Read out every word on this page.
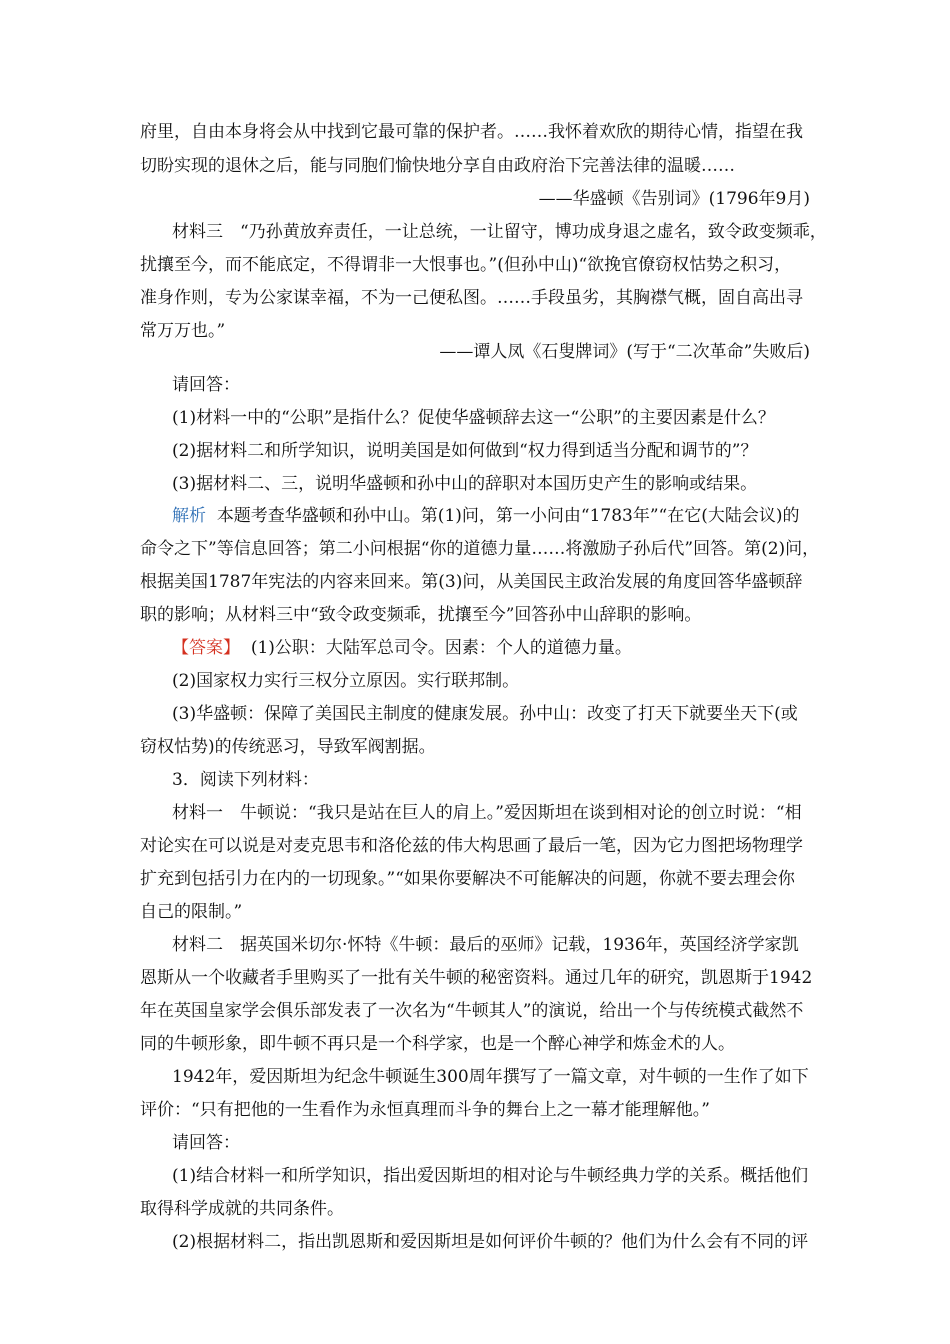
府里，自由本身将会从中找到它最可靠的保护者。……我怀着欢欣的期待心情，指望在我
切盼实现的退休之后，能与同胞们愉快地分享自由政府治下完善法律的温暖……
——华盛顿《告别词》(1796年9月)
材料三　“乃孙黄放弃责任，一让总统，一让留守，博功成身退之虚名，致令政变频乖，
扰攘至今，而不能底定，不得谓非一大恨事也。”(但孙中山)“欲挽官僚窃权怙势之积习，
准身作则，专为公家谋幸福，不为一己便私图。……手段虽劣，其胸襟气概，固自高出寻
常万万也。”
——谭人凤《石叟牌词》(写于“二次革命”失败后)
请回答：
(1)材料一中的“公职”是指什么？促使华盛顿辞去这一“公职”的主要因素是什么？
(2)据材料二和所学知识，说明美国是如何做到“权力得到适当分配和调节的”？
(3)据材料二、三，说明华盛顿和孙中山的辞职对本国历史产生的影响或结果。
解析 本题考查华盛顿和孙中山。第(1)问，第一小问由“1783年”“在它(大陆会议)的
命令之下”等信息回答；第二小问根据“你的道德力量……将激励子孙后代”回答。第(2)问，
根据美国1787年宪法的内容来回来。第(3)问，从美国民主政治发展的角度回答华盛顿辞
职的影响；从材料三中“致令政变频乖，扰攘至今”回答孙中山辞职的影响。
【答案】 (1)公职：大陆军总司令。因素：个人的道德力量。
(2)国家权力实行三权分立原因。实行联邦制。
(3)华盛顿：保障了美国民主制度的健康发展。孙中山：改变了打天下就要坐天下(或
窃权怙势)的传统恶习，导致军阀割据。
3．阅读下列材料：
材料一　牛顿说：“我只是站在巨人的肩上。”爱因斯坦在谈到相对论的创立时说：“相
对论实在可以说是对麦克思韦和洛伦兹的伟大构思画了最后一笔，因为它力图把场物理学
扩充到包括引力在内的一切现象。”“如果你要解决不可能解决的问题，你就不要去理会你
自己的限制。”
材料二　据英国米切尔·怀特《牛顿：最后的巫师》记载，1936年，英国经济学家凯
恩斯从一个收藏者手里购买了一批有关牛顿的秘密资料。通过几年的研究，凯恩斯于1942
年在英国皇家学会俱乐部发表了一次名为“牛顿其人”的演说，给出一个与传统模式截然不
同的牛顿形象，即牛顿不再只是一个科学家，也是一个醉心神学和炼金术的人。
1942年，爱因斯坦为纪念牛顿诞生300周年撰写了一篇文章，对牛顿的一生作了如下
评价：“只有把他的一生看作为永恒真理而斗争的舞台上之一幕才能理解他。”
请回答：
(1)结合材料一和所学知识，指出爱因斯坦的相对论与牛顿经典力学的关系。概括他们
取得科学成就的共同条件。
(2)根据材料二，指出凯恩斯和爱因斯坦是如何评价牛顿的？他们为什么会有不同的评
